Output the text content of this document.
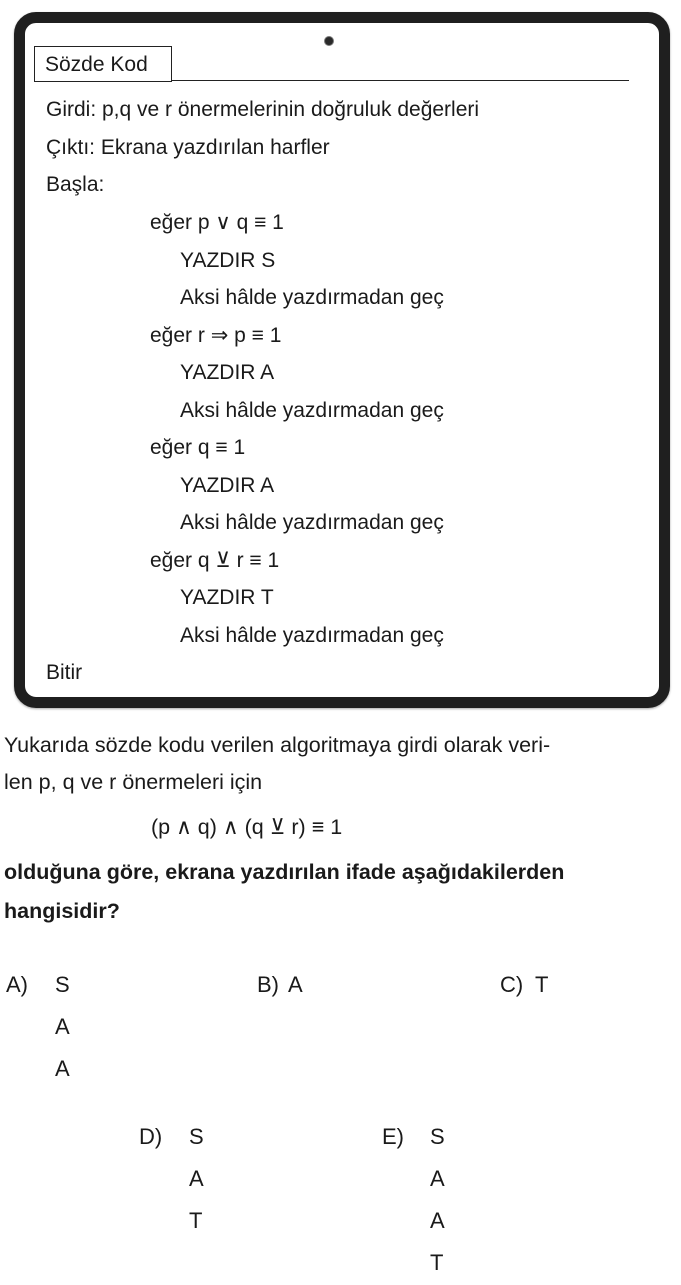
Sözde Kod
Girdi: p,q ve r önermelerinin doğruluk değerleri
Çıktı: Ekrana yazdırılan harfler
Başla:
eğer p ∨ q ≡ 1
YAZDIR S
Aksi hâlde yazdırmadan geç
eğer r ⇒ p ≡ 1
YAZDIR A
Aksi hâlde yazdırmadan geç
eğer q ≡ 1
YAZDIR A
Aksi hâlde yazdırmadan geç
eğer q ⊻ r ≡ 1
YAZDIR T
Aksi hâlde yazdırmadan geç
Bitir
Yukarıda sözde kodu verilen algoritmaya girdi olarak veri-
len p, q ve r önermeleri için
(p ∧ q) ∧ (q ⊻ r) ≡ 1
olduğuna göre, ekrana yazdırılan ifade aşağıdakilerden
hangisidir?
A) S
A
A
B) A	C) T
D) S
A
T
E) S
A
A
T
